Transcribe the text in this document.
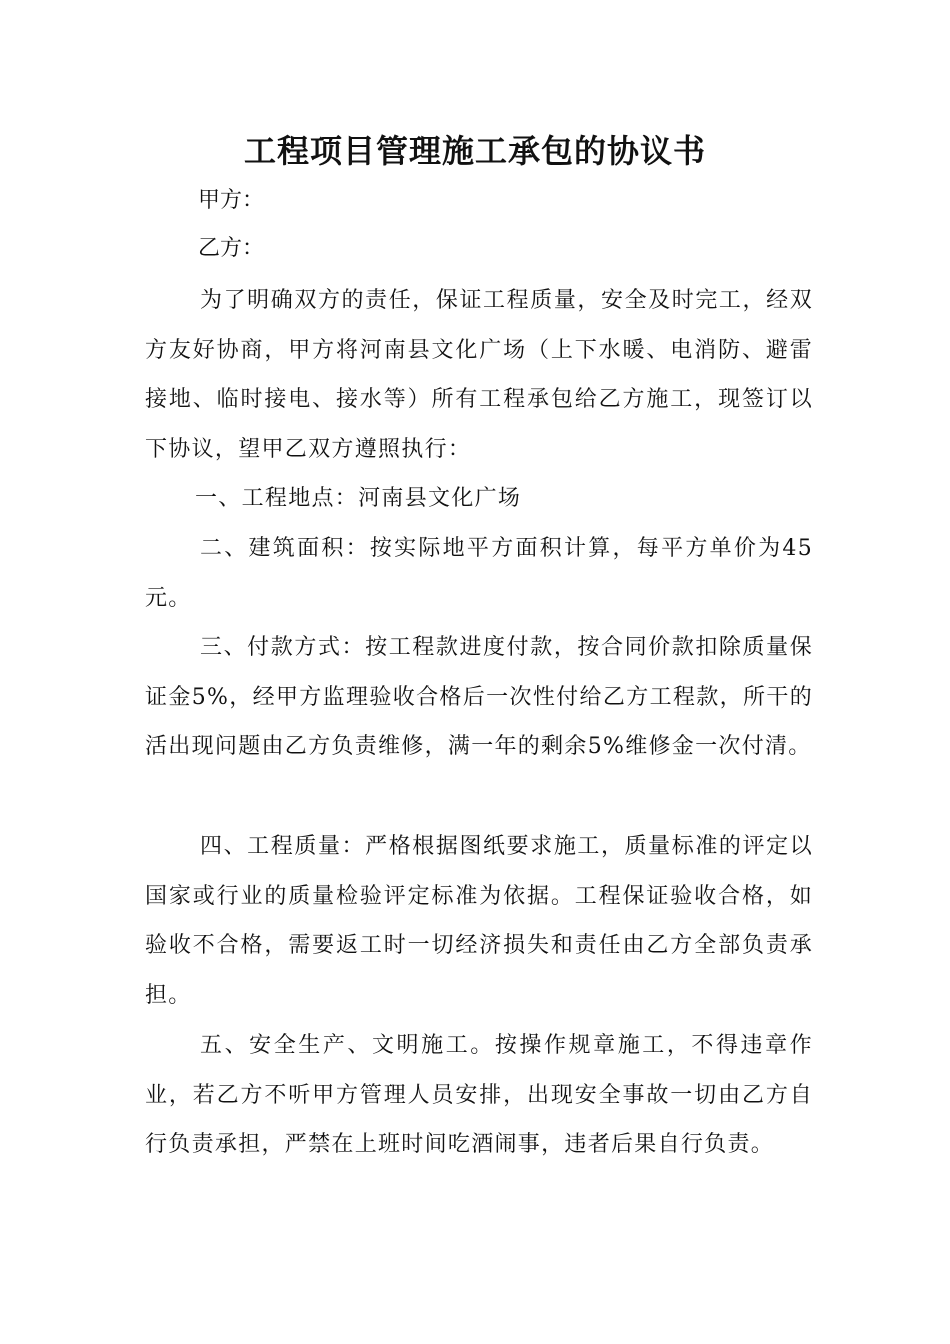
工程项目管理施工承包的协议书

甲方：

乙方：

为了明确双方的责任，保证工程质量，安全及时完工，经双方友好协商，甲方将河南县文化广场（上下水暖、电消防、避雷接地、临时接电、接水等）所有工程承包给乙方施工，现签订以下协议，望甲乙双方遵照执行：

一、工程地点：河南县文化广场

二、建筑面积：按实际地平方面积计算，每平方单价为45元。

三、付款方式：按工程款进度付款，按合同价款扣除质量保证金5%，经甲方监理验收合格后一次性付给乙方工程款，所干的活出现问题由乙方负责维修，满一年的剩余5%维修金一次付清。

四、工程质量：严格根据图纸要求施工，质量标准的评定以国家或行业的质量检验评定标准为依据。工程保证验收合格，如验收不合格，需要返工时一切经济损失和责任由乙方全部负责承担。

五、安全生产、文明施工。按操作规章施工，不得违章作业，若乙方不听甲方管理人员安排，出现安全事故一切由乙方自行负责承担，严禁在上班时间吃酒闹事，违者后果自行负责。
